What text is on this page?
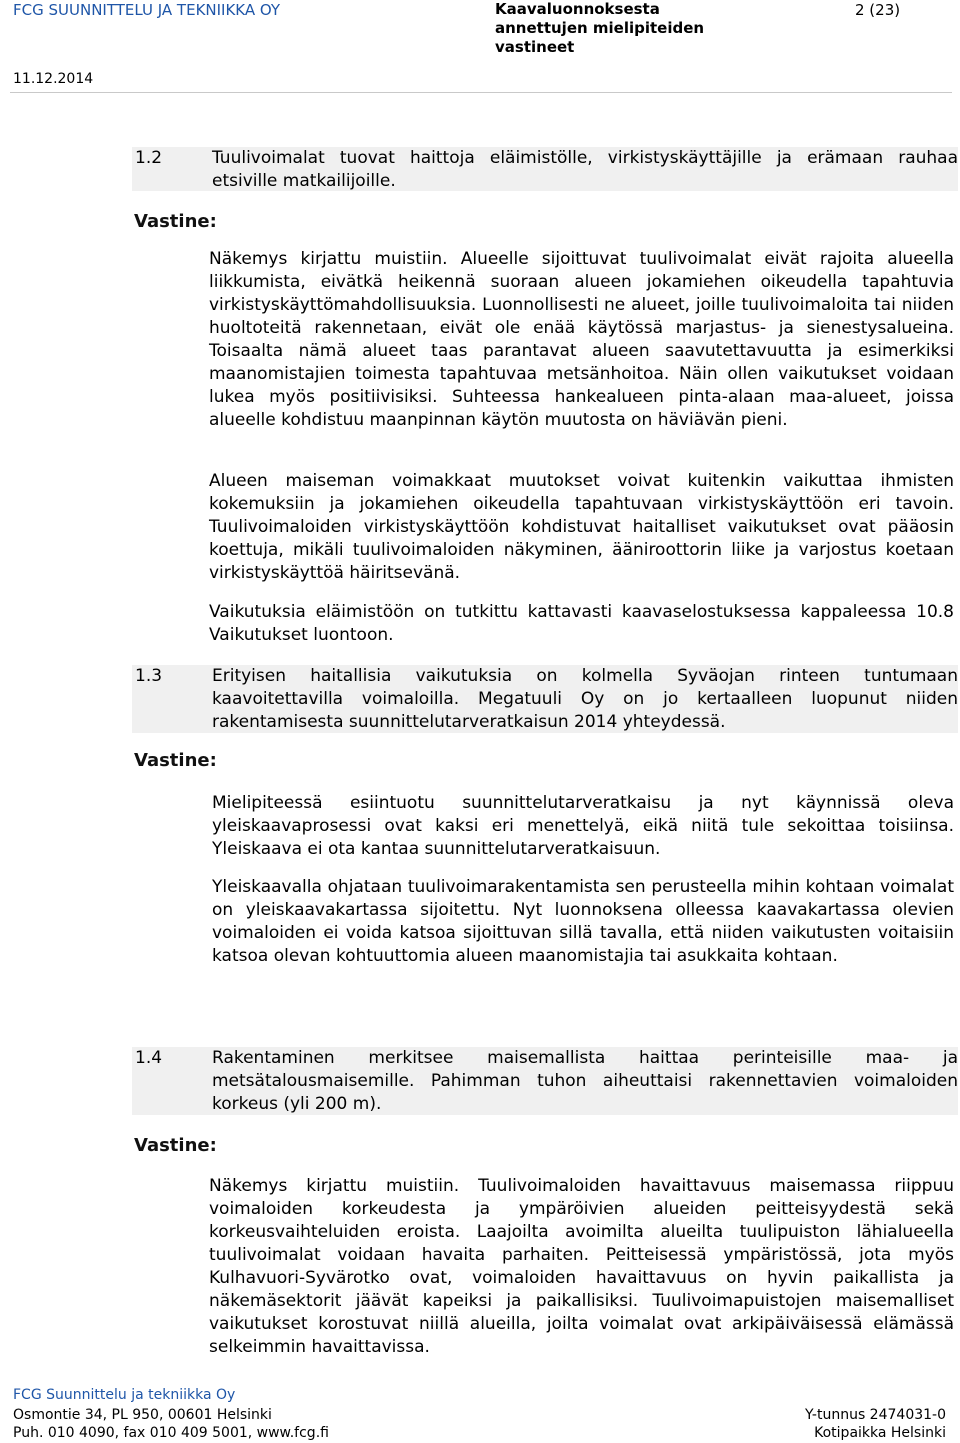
FCG SUUNNITTELU JA TEKNIIKKA OY	Kaavaluonnoksesta annettujen mielipiteiden vastineet
2 (23)
11.12.2014
1.2	Tuulivoimalat tuovat haittoja eläimistölle, virkistyskäyttäjille ja erämaan rauhaa etsiville matkailijoille.
Vastine:
Näkemys kirjattu muistiin. Alueelle sijoittuvat tuulivoimalat eivät rajoita alueella liikkumista, eivätkä heikennä suoraan alueen jokamiehen oikeudella tapahtuvia virkistyskäyttömahdollisuuksia. Luonnollisesti ne alueet, joille tuulivoimaloita tai niiden huoltoteitä rakennetaan, eivät ole enää käytössä marjastus- ja sienestysalueina. Toisaalta nämä alueet taas parantavat alueen saavutettavuutta ja esimerkiksi maanomistajien toimesta tapahtuvaa metsänhoitoa. Näin ollen vaikutukset voidaan lukea myös positiivisiksi. Suhteessa hankealueen pinta-alaan maa-alueet, joissa alueelle kohdistuu maanpinnan käytön muutosta on häviävän pieni.
Alueen maiseman voimakkaat muutokset voivat kuitenkin vaikuttaa ihmisten kokemuksiin ja jokamiehen oikeudella tapahtuvaan virkistyskäyttöön eri tavoin. Tuulivoimaloiden virkistyskäyttöön kohdistuvat haitalliset vaikutukset ovat pääosin koettuja, mikäli tuulivoimaloiden näkyminen, ääniroottorin liike ja varjostus koetaan virkistyskäyttöä häiritsevänä.
Vaikutuksia eläimistöön on tutkittu kattavasti kaavaselostuksessa kappaleessa 10.8 Vaikutukset luontoon.
1.3	Erityisen haitallisia vaikutuksia on kolmella Syväojan rinteen tuntumaan kaavoitettavilla voimaloilla. Megatuuli Oy on jo kertaalleen luopunut niiden rakentamisesta suunnittelutarveratkaisun 2014 yhteydessä.
Vastine:
Mielipiteessä esiintuotu suunnittelutarveratkaisu ja nyt käynnissä oleva yleiskaavaprosessi ovat kaksi eri menettelyä, eikä niitä tule sekoittaa toisiinsa. Yleiskaava ei ota kantaa suunnittelutarveratkaisuun.
Yleiskaavalla ohjataan tuulivoimarakentamista sen perusteella mihin kohtaan voimalat on yleiskaavakartassa sijoitettu. Nyt luonnoksena olleessa kaavakartassa olevien voimaloiden ei voida katsoa sijoittuvan sillä tavalla, että niiden vaikutusten voitaisiin katsoa olevan kohtuuttomia alueen maanomistajia tai asukkaita kohtaan.
1.4	Rakentaminen merkitsee maisemallista haittaa perinteisille maa- ja metsätalousmaisemille. Pahimman tuhon aiheuttaisi rakennettavien voimaloiden korkeus (yli 200 m).
Vastine:
Näkemys kirjattu muistiin. Tuulivoimaloiden havaittavuus maisemassa riippuu voimaloiden korkeudesta ja ympäröivien alueiden peitteisyydestä sekä korkeusvaihteluiden eroista. Laajoilta avoimilta alueilta tuulipuiston lähialueella tuulivoimalat voidaan havaita parhaiten. Peitteisessä ympäristössä, jota myös Kulhavuori-Syvärotko ovat, voimaloiden havaittavuus on hyvin paikallista ja näkemäsektorit jäävät kapeiksi ja paikallisiksi. Tuulivoimapuistojen maisemalliset vaikutukset korostuvat niillä alueilla, joilta voimalat ovat arkipäiväisessä elämässä selkeimmin havaittavissa.
FCG Suunnittelu ja tekniikka Oy
Osmontie 34, PL 950, 00601 Helsinki
Puh. 010 4090, fax 010 409 5001, www.fcg.fi
Y-tunnus 2474031-0
Kotipaikka Helsinki
